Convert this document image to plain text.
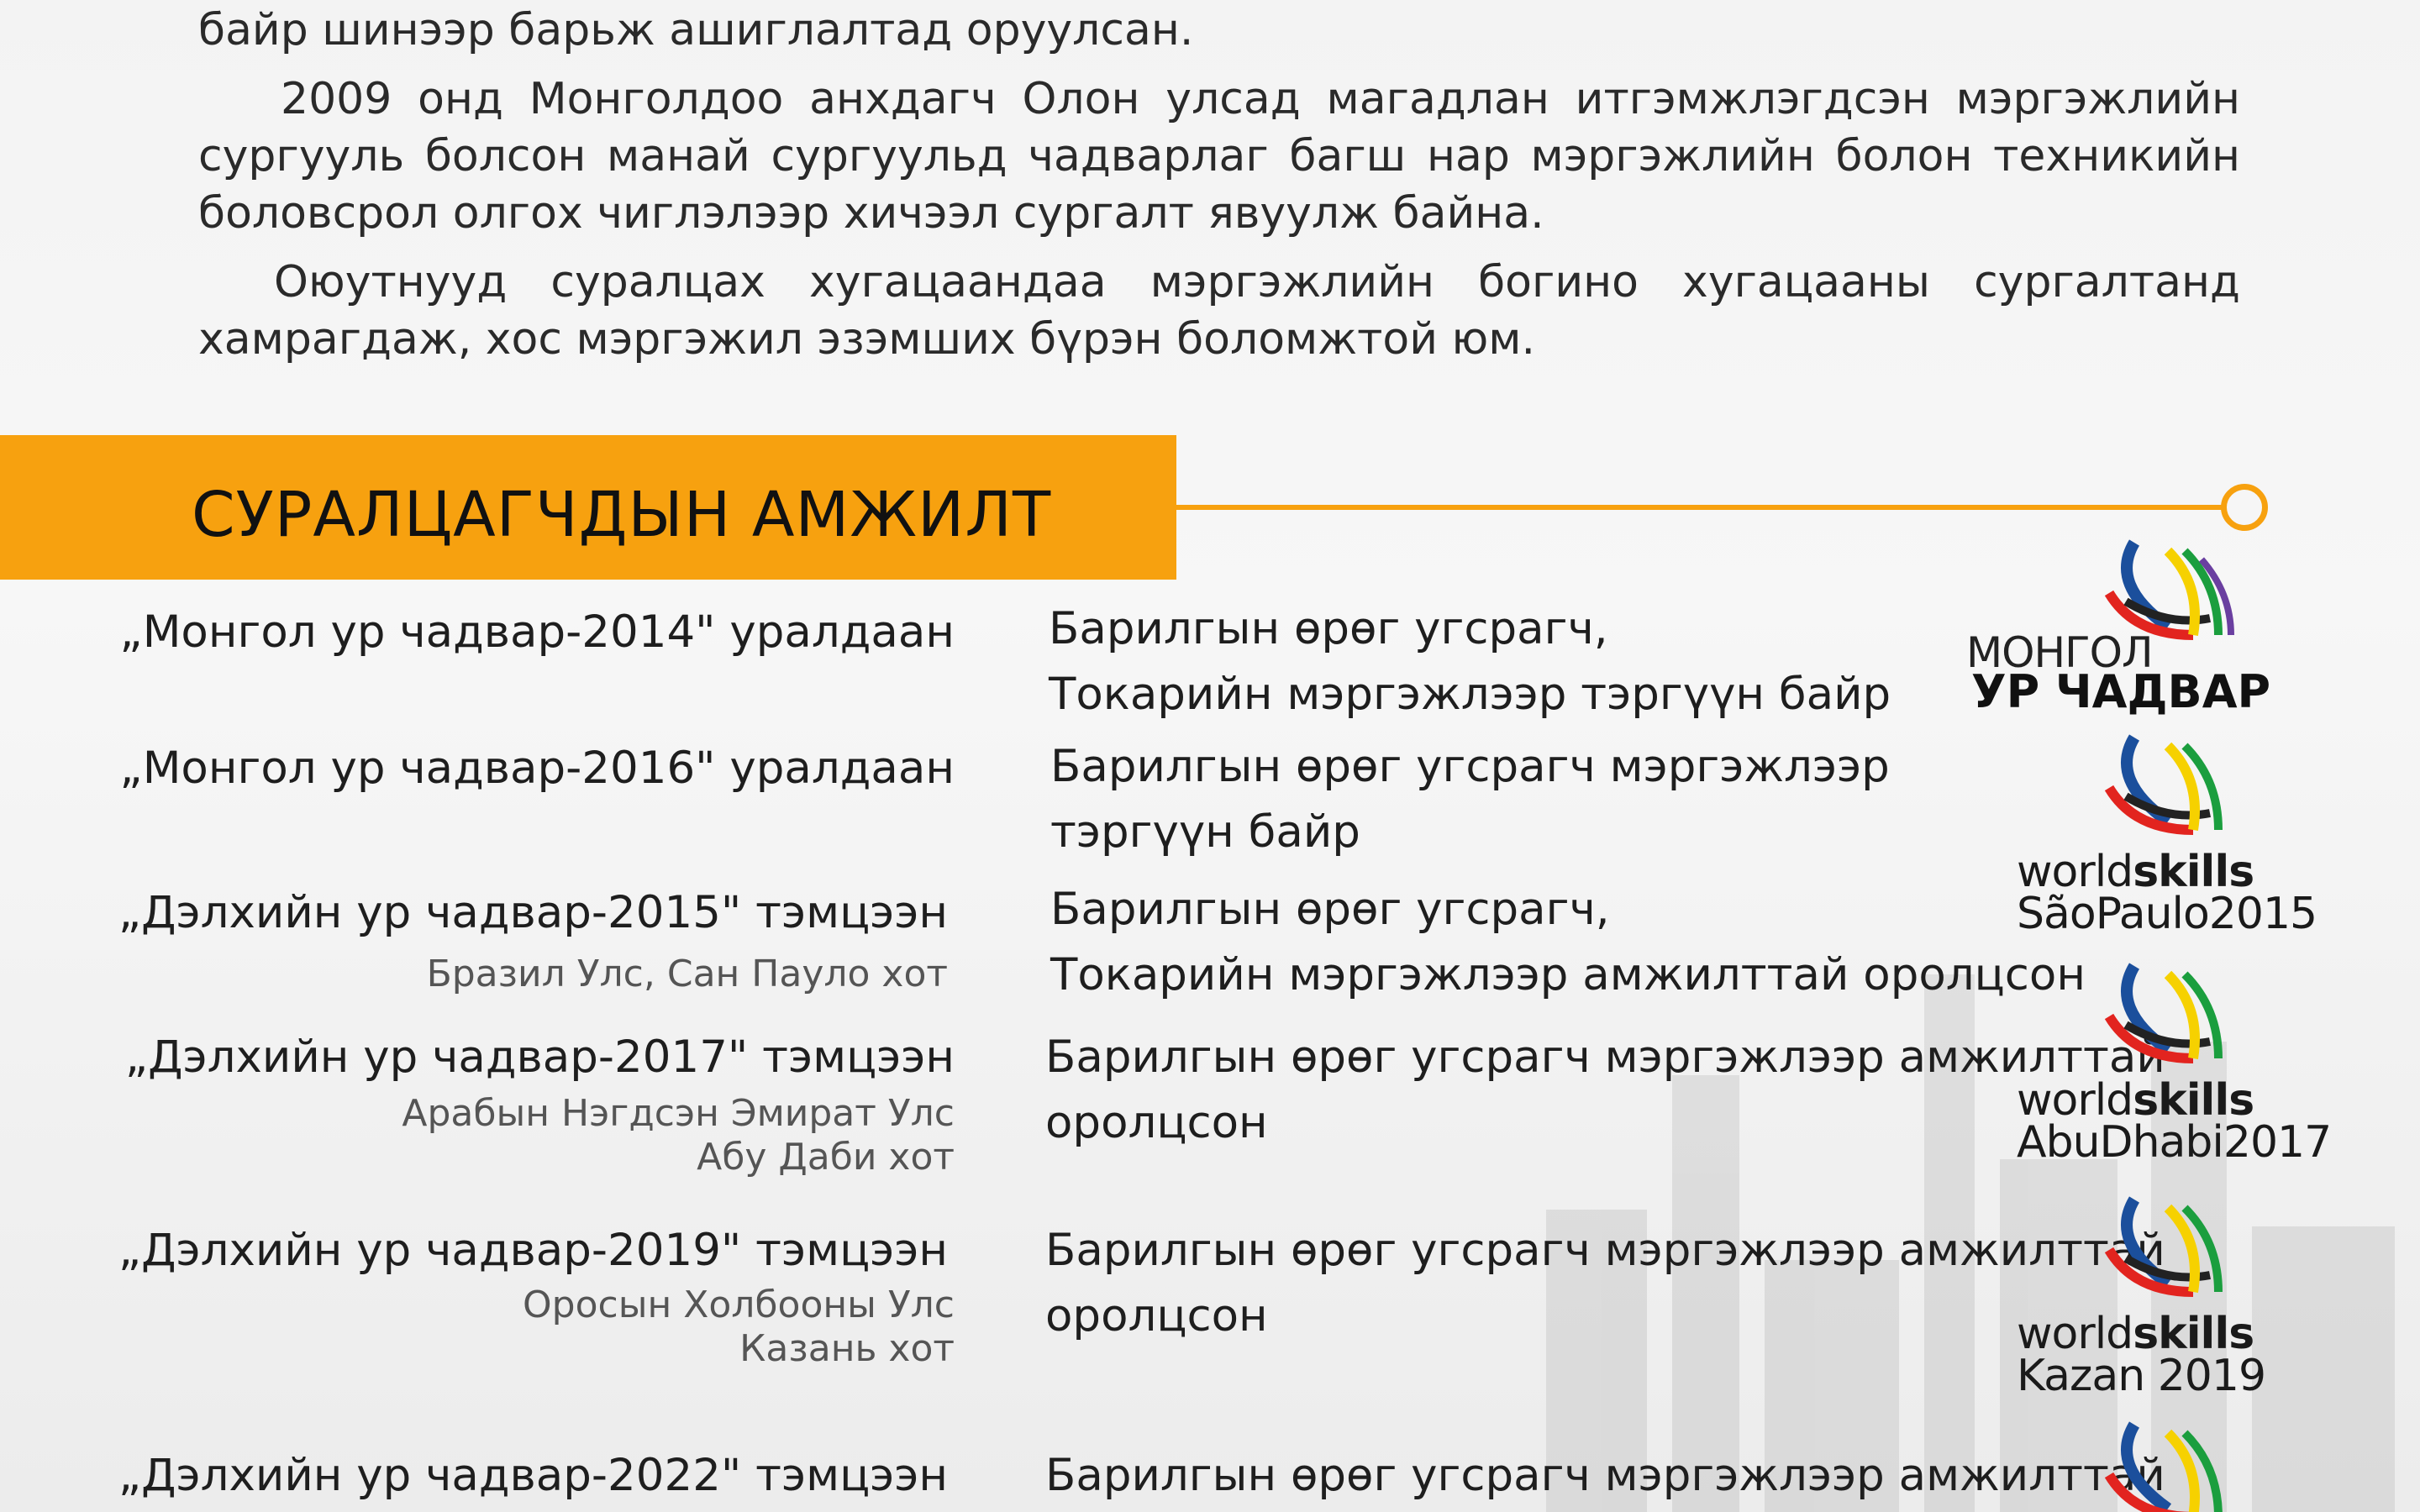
байр шинээр барьж ашиглалтад оруулсан.

2009 онд Монголдоо анхдагч Олон улсад магадлан итгэмжлэгдсэн мэргэжлийн сургууль болсон манай сургуульд чадварлаг багш нар мэргэжлийн болон техникийн боловсрол олгох чиглэлээр хичээл сургалт явуулж байна.

Оюутнууд суралцах хугацаандаа мэргэжлийн богино хугацааны сургалтанд хамрагдаж, хос мэргэжил эзэмших бүрэн боломжтой юм.

СУРАЛЦАГЧДЫН АМЖИЛТ
„Монгол ур чадвар-2014" уралдаан Барилгын өрөг угсрагч,
Токарийн мэргэжлээр тэргүүн байр
МОНГОЛ
УР ЧАДВАР
„Монгол ур чадвар-2016" уралдаан Барилгын өрөг угсрагч мэргэжлээр
тэргүүн байр
worldskills
SãoPaulo2015
„Дэлхийн ур чадвар-2015" тэмцээн
Бразил Улс, Сан Пауло хот
Барилгын өрөг угсрагч,
Токарийн мэргэжлээр амжилттай оролцсон
„Дэлхийн ур чадвар-2017" тэмцээн
Арабын Нэгдсэн Эмират Улс
Абу Даби хот
Барилгын өрөг угсрагч мэргэжлээр амжилттай
оролцсон	worldskills
AbuDhabi2017
„Дэлхийн ур чадвар-2019" тэмцээн
Оросын Холбооны Улс
Казань хот
Барилгын өрөг угсрагч мэргэжлээр амжилттай
оролцсон	worldskills
Kazan 2019
„Дэлхийн ур чадвар-2022" тэмцээн Барилгын өрөг угсрагч мэргэжлээр амжилттай
